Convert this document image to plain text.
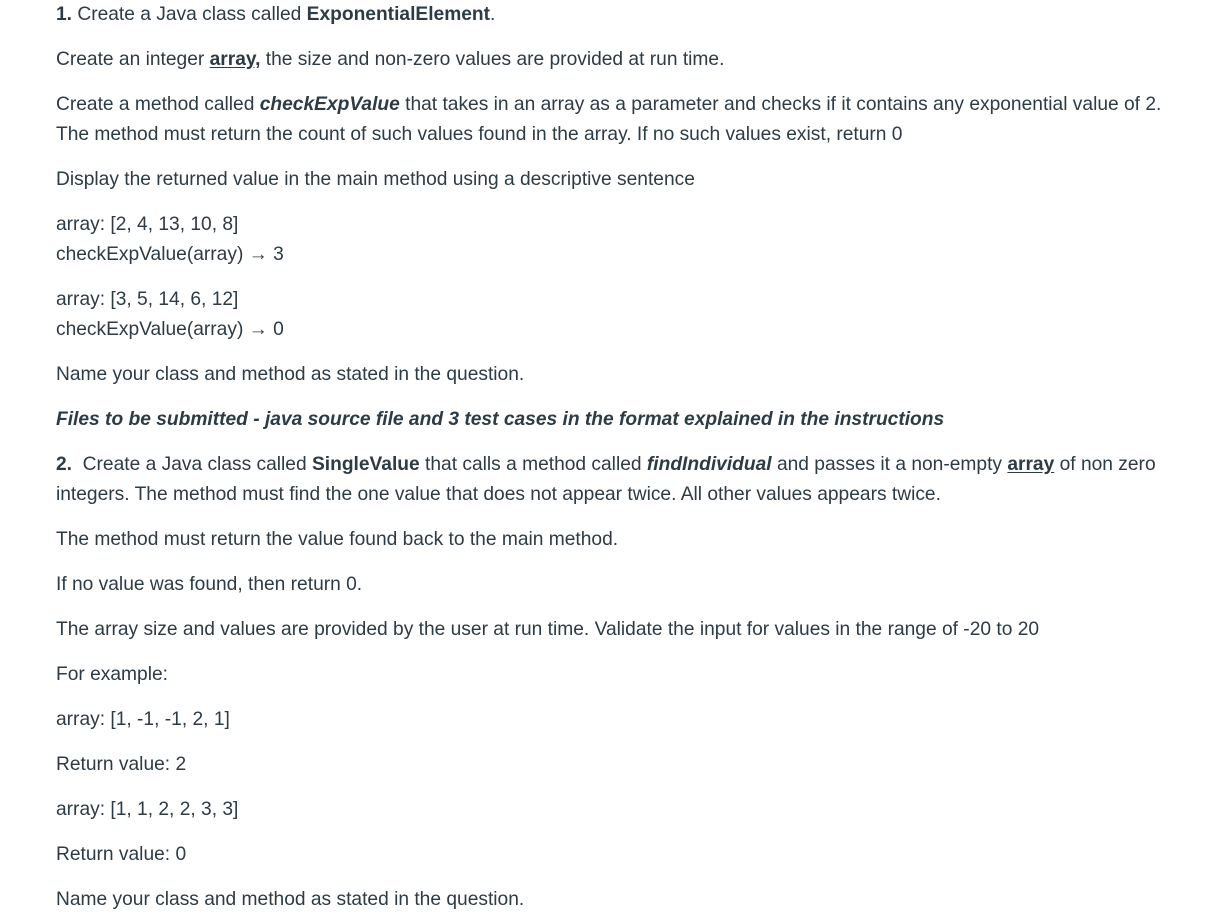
1. Create a Java class called ExponentialElement.

Create an integer array, the size and non-zero values are provided at run time.

Create a method called checkExpValue that takes in an array as a parameter and checks if it contains any exponential value of 2.

The method must return the count of such values found in the array. If no such values exist, return 0

Display the returned value in the main method using a descriptive sentence

array: [2, 4, 13, 10, 8]

checkExpValue(array) → 3

array: [3, 5, 14, 6, 12]

checkExpValue(array) → 0

Name your class and method as stated in the question.

Files to be submitted - java source file and 3 test cases in the format explained in the instructions

2.  Create a Java class called SingleValue that calls a method called findIndividual and passes it a non-empty array of non zero

integers. The method must find the one value that does not appear twice. All other values appears twice.

The method must return the value found back to the main method.

If no value was found, then return 0.

The array size and values are provided by the user at run time. Validate the input for values in the range of -20 to 20

For example:

array: [1, -1, -1, 2, 1]

Return value: 2

array: [1, 1, 2, 2, 3, 3]

Return value: 0

Name your class and method as stated in the question.
